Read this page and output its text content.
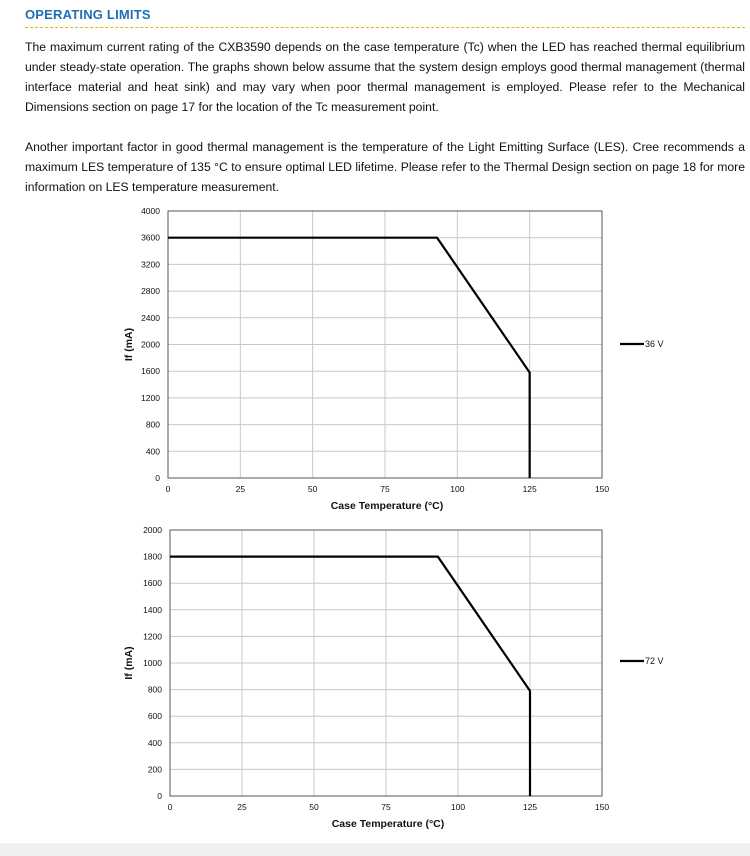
OPERATING LIMITS

The maximum current rating of the CXB3590 depends on the case temperature (Tc) when the LED has reached thermal equilibrium under steady-state operation. The graphs shown below assume that the system design employs good thermal management (thermal interface material and heat sink) and may vary when poor thermal management is employed. Please refer to the Mechanical Dimensions section on page 17 for the location of the Tc measurement point.

Another important factor in good thermal management is the temperature of the Light Emitting Surface (LES). Cree recommends a maximum LES temperature of 135 °C to ensure optimal LED lifetime. Please refer to the Thermal Design section on page 18 for more information on LES temperature measurement.

0
400
800
1200
1600
2000
2400
2800
3200
3600
4000
0	25	50	75	100	125	150
Case Temperature (°C)
If (mA)	36 V
0
200
400
600
800
1000
1200
1400
1600
1800
2000
0	25	50	75	100	125	150
Case Temperature (°C)
If (mA)	72 V
